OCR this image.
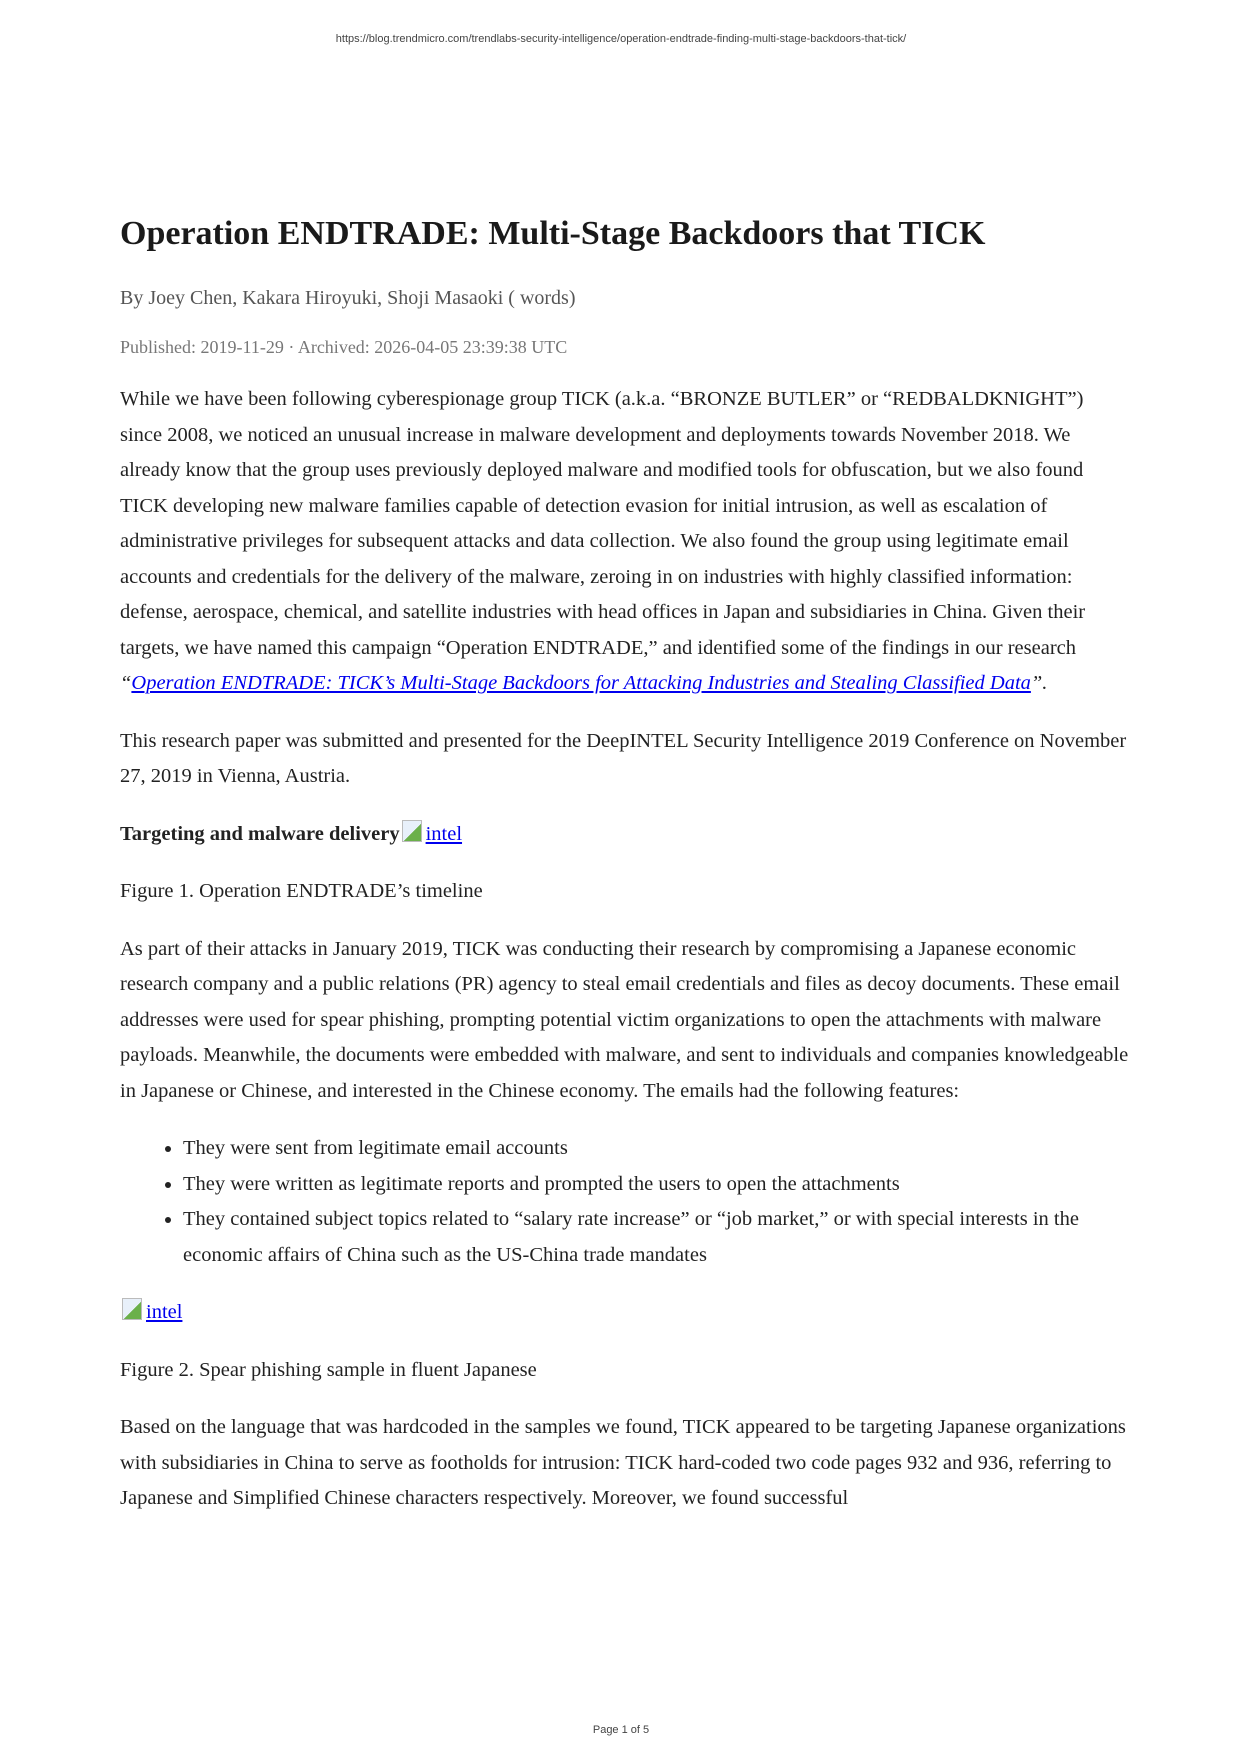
https://blog.trendmicro.com/trendlabs-security-intelligence/operation-endtrade-finding-multi-stage-backdoors-that-tick/
Operation ENDTRADE: Multi-Stage Backdoors that TICK
By Joey Chen, Kakara Hiroyuki, Shoji Masaoki ( words)
Published: 2019-11-29 · Archived: 2026-04-05 23:39:38 UTC

While we have been following cyberespionage group TICK (a.k.a. “BRONZE BUTLER” or “REDBALDKNIGHT”) since 2008, we noticed an unusual increase in malware development and deployments towards November 2018. We already know that the group uses previously deployed malware and modified tools for obfuscation, but we also found TICK developing new malware families capable of detection evasion for initial intrusion, as well as escalation of administrative privileges for subsequent attacks and data collection. We also found the group using legitimate email accounts and credentials for the delivery of the malware, zeroing in on industries with highly classified information: defense, aerospace, chemical, and satellite industries with head offices in Japan and subsidiaries in China. Given their targets, we have named this campaign “Operation ENDTRADE,” and identified some of the findings in our research “Operation ENDTRADE: TICK’s Multi-Stage Backdoors for Attacking Industries and Stealing Classified Data”.

This research paper was submitted and presented for the DeepINTEL Security Intelligence 2019 Conference on November 27, 2019 in Vienna, Austria.

Targeting and malware delivery intel

Figure 1. Operation ENDTRADE’s timeline

As part of their attacks in January 2019, TICK was conducting their research by compromising a Japanese economic research company and a public relations (PR) agency to steal email credentials and files as decoy documents. These email addresses were used for spear phishing, prompting potential victim organizations to open the attachments with malware payloads. Meanwhile, the documents were embedded with malware, and sent to individuals and companies knowledgeable in Japanese or Chinese, and interested in the Chinese economy. The emails had the following features:

• They were sent from legitimate email accounts
• They were written as legitimate reports and prompted the users to open the attachments
• They contained subject topics related to “salary rate increase” or “job market,” or with special interests in the economic affairs of China such as the US-China trade mandates

intel

Figure 2. Spear phishing sample in fluent Japanese

Based on the language that was hardcoded in the samples we found, TICK appeared to be targeting Japanese organizations with subsidiaries in China to serve as footholds for intrusion: TICK hard-coded two code pages 932 and 936, referring to Japanese and Simplified Chinese characters respectively. Moreover, we found successful

Page 1 of 5
